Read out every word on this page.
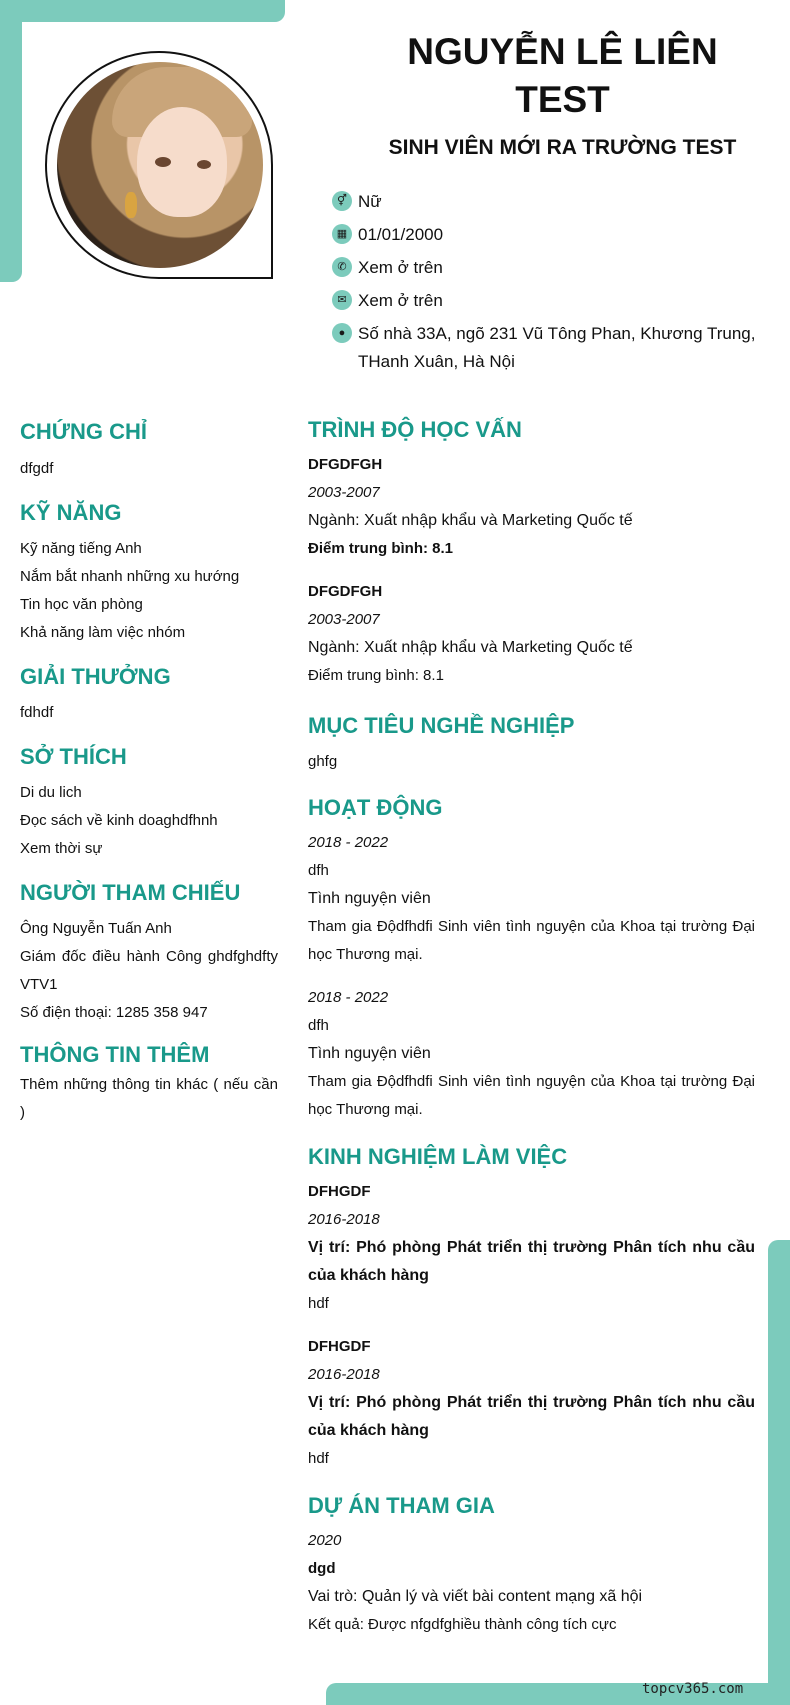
NGUYỄN LÊ LIÊN TEST
SINH VIÊN MỚI RA TRƯỜNG TEST
⚥ Nữ
▦ 01/01/2000
✆ Xem ở trên
✉ Xem ở trên
● Số nhà 33A, ngõ 231 Vũ Tông Phan, Khương Trung, THanh Xuân, Hà Nội
CHỨNG CHỈ

dfgdf

KỸ NĂNG

Kỹ năng tiếng Anh

Nắm bắt nhanh những xu hướng

Tin học văn phòng

Khả năng làm việc nhóm

GIẢI THƯỞNG

fdhdf

SỞ THÍCH

Di du lich

Đọc sách về kinh doaghdfhnh

Xem thời sự

NGƯỜI THAM CHIẾU

Ông Nguyễn Tuấn Anh

Giám đốc điều hành Công ghdfghdfty VTV1

Số điện thoại: 1285 358 947

THÔNG TIN THÊM

Thêm những thông tin khác ( nếu cần )

TRÌNH ĐỘ HỌC VẤN

DFGDFGH

2003-2007

Ngành: Xuất nhập khẩu và Marketing Quốc tế

Điểm trung bình: 8.1

DFGDFGH

2003-2007

Ngành: Xuất nhập khẩu và Marketing Quốc tế

Điểm trung bình: 8.1

MỤC TIÊU NGHỀ NGHIỆP

ghfg

HOẠT ĐỘNG

2018 - 2022

dfh

Tình nguyện viên

Tham gia Độdfhdfi Sinh viên tình nguyện của Khoa tại trường Đại học Thương mại.

2018 - 2022

dfh

Tình nguyện viên

Tham gia Độdfhdfi Sinh viên tình nguyện của Khoa tại trường Đại học Thương mại.

KINH NGHIỆM LÀM VIỆC

DFHGDF

2016-2018

Vị trí: Phó phòng Phát triển thị trường Phân tích nhu cầu của khách hàng

hdf

DFHGDF

2016-2018

Vị trí: Phó phòng Phát triển thị trường Phân tích nhu cầu của khách hàng

hdf

DỰ ÁN THAM GIA

2020

dgd

Vai trò: Quản lý và viết bài content mạng xã hội

Kết quả: Được nfgdfghiều thành công tích cực

topcv365.com
